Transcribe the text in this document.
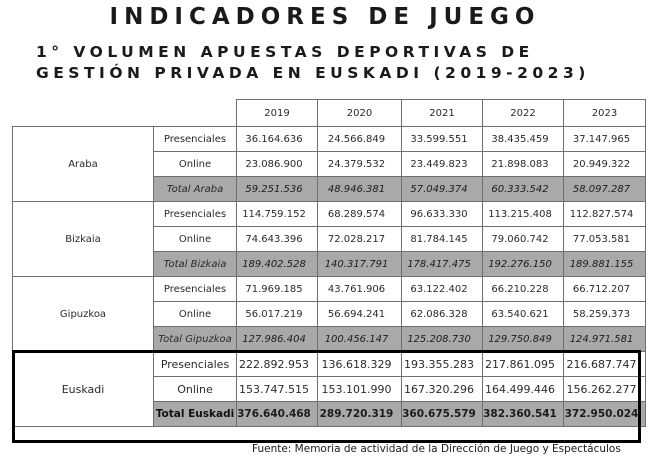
INDICADORES DE JUEGO
1° VOLUMEN APUESTAS DEPORTIVAS DE
GESTIÓN PRIVADA EN EUSKADI (2019-2023)
		2019	2020	2021	2022	2023
Araba	Presenciales	36.164.636	24.566.849	33.599.551	38.435.459	37.147.965
	Online	23.086.900	24.379.532	23.449.823	21.898.083	20.949.322
	Total Araba	59.251.536	48.946.381	57.049.374	60.333.542	58.097.287
Bizkaia	Presenciales	114.759.152	68.289.574	96.633.330	113.215.408	112.827.574
	Online	74.643.396	72.028.217	81.784.145	79.060.742	77.053.581
	Total Bizkaia	189.402.528	140.317.791	178.417.475	192.276.150	189.881.155
Gipuzkoa	Presenciales	71.969.185	43.761.906	63.122.402	66.210.228	66.712.207
	Online	56.017.219	56.694.241	62.086.328	63.540.621	58.259.373
	Total Gipuzkoa	127.986.404	100.456.147	125.208.730	129.750.849	124.971.581
Euskadi	Presenciales	222.892.953	136.618.329	193.355.283	217.861.095	216.687.747
	Online	153.747.515	153.101.990	167.320.296	164.499.446	156.262.277
	Total Euskadi	376.640.468	289.720.319	360.675.579	382.360.541	372.950.024

Fuente: Memoria de actividad de la Dirección de Juego y Espectáculos
